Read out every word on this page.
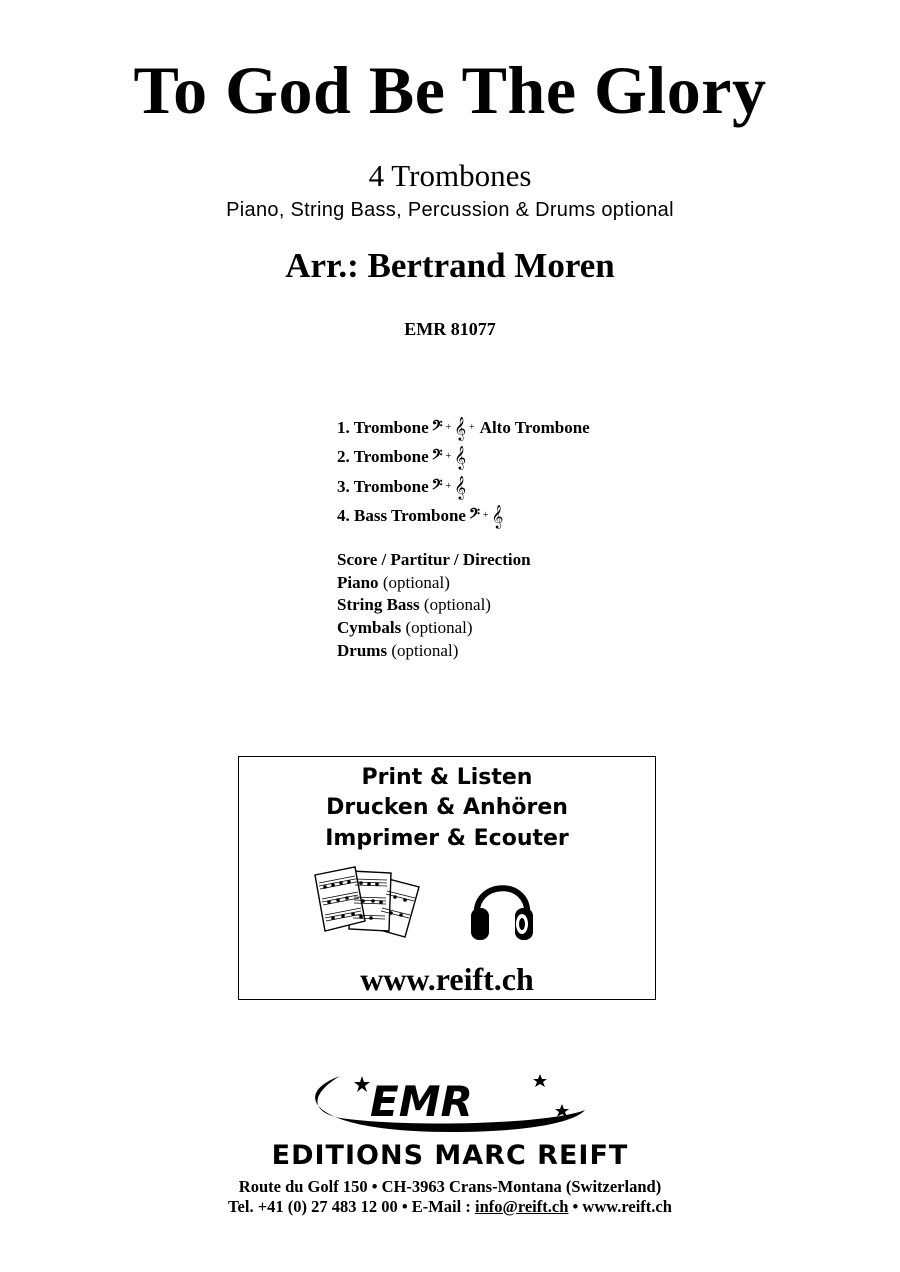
To God Be The Glory
4 Trombones
Piano, String Bass, Percussion & Drums optional
Arr.: Bertrand Moren
EMR 81077
1. Trombone 𝄢 + 𝄞 + Alto Trombone
2. Trombone 𝄢 + 𝄞
3. Trombone 𝄢 + 𝄞
4. Bass Trombone 𝄢 + 𝄞
Score / Partitur / Direction
Piano (optional)
String Bass (optional)
Cymbals (optional)
Drums (optional)
Print & Listen
Drucken & Anhören
Imprimer & Ecouter
www.reift.ch
EMR
EDITIONS MARC REIFT
Route du Golf 150 • CH-3963 Crans-Montana (Switzerland)
Tel. +41 (0) 27 483 12 00 • E-Mail : info@reift.ch • www.reift.ch
